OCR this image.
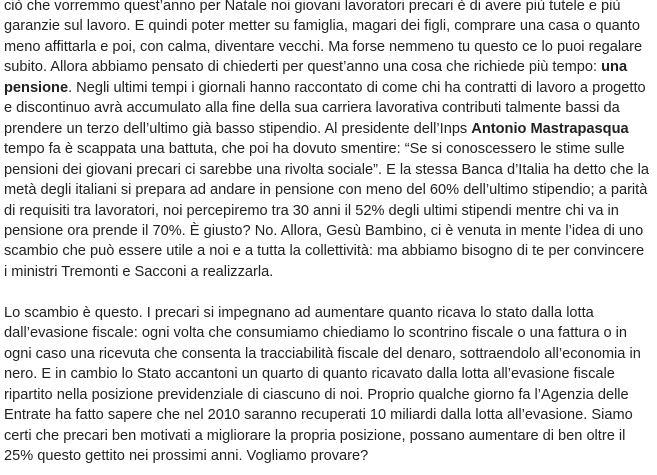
ciò che vorremmo quest’anno per Natale noi giovani lavoratori precari è di avere più tutele e più
garanzie sul lavoro. E quindi poter metter su famiglia, magari dei figli, comprare una casa o quanto
meno affittarla e poi, con calma, diventare vecchi. Ma forse nemmeno tu questo ce lo puoi regalare
subito. Allora abbiamo pensato di chiederti per quest’anno una cosa che richiede più tempo: una
pensione. Negli ultimi tempi i giornali hanno raccontato di come chi ha contratti di lavoro a progetto
e discontinuo avrà accumulato alla fine della sua carriera lavorativa contributi talmente bassi da
prendere un terzo dell’ultimo già basso stipendio. Al presidente dell’Inps Antonio Mastrapasqua
tempo fa è scappata una battuta, che poi ha dovuto smentire: “Se si conoscessero le stime sulle
pensioni dei giovani precari ci sarebbe una rivolta sociale”. E la stessa Banca d’Italia ha detto che la
metà degli italiani si prepara ad andare in pensione con meno del 60% dell’ultimo stipendio; a parità
di requisiti tra lavoratori, noi percepiremo tra 30 anni il 52% degli ultimi stipendi mentre chi va in
pensione ora prende il 70%. È giusto? No. Allora, Gesù Bambino, ci è venuta in mente l’idea di uno
scambio che può essere utile a noi e a tutta la collettività: ma abbiamo bisogno di te per convincere
i ministri Tremonti e Sacconi a realizzarla.

Lo scambio è questo. I precari si impegnano ad aumentare quanto ricava lo stato dalla lotta
dall’evasione fiscale: ogni volta che consumiamo chiediamo lo scontrino fiscale o una fattura o in
ogni caso una ricevuta che consenta la tracciabilità fiscale del denaro, sottraendolo all’economia in
nero. E in cambio lo Stato accantoni un quarto di quanto ricavato dalla lotta all’evasione fiscale
ripartito nella posizione previdenziale di ciascuno di noi. Proprio qualche giorno fa l’Agenzia delle
Entrate ha fatto sapere che nel 2010 saranno recuperati 10 miliardi dalla lotta all’evasione. Siamo
certi che precari ben motivati a migliorare la propria posizione, possano aumentare di ben oltre il
25% questo gettito nei prossimi anni. Vogliamo provare?
